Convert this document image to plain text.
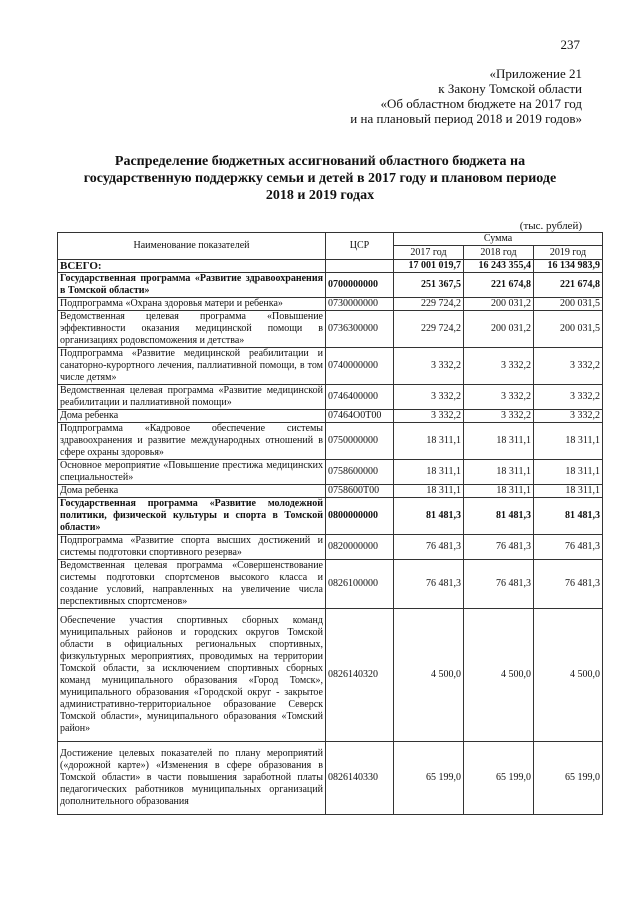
237
«Приложение 21
к Закону Томской области
«Об областном бюджете на 2017 год
и на плановый период 2018 и 2019 годов»
Распределение бюджетных ассигнований областного бюджета на
государственную поддержку семьи и детей в 2017 году и плановом периоде
2018 и 2019 годах
(тыс. рублей)
Наименование показателей	ЦСР	Сумма		
		2017 год	2018 год	2019 год
ВСЕГО:		17 001 019,7	16 243 355,4	16 134 983,9
Государственная программа «Развитие здравоохранения в Томской области»	0700000000	251 367,5	221 674,8	221 674,8
Подпрограмма «Охрана здоровья матери и ребенка»	0730000000	229 724,2	200 031,2	200 031,5
Ведомственная целевая программа «Повышение эффективности оказания медицинской помощи в организациях родовспоможения и детства»	0736300000	229 724,2	200 031,2	200 031,5
Подпрограмма «Развитие медицинской реабилитации и санаторно-курортного лечения, паллиативной помощи, в том числе детям»	0740000000	3 332,2	3 332,2	3 332,2
Ведомственная целевая программа «Развитие медицинской реабилитации и паллиативной помощи»	0746400000	3 332,2	3 332,2	3 332,2
Дома ребенка	07464О0Т00	3 332,2	3 332,2	3 332,2
Подпрограмма «Кадровое обеспечение системы здравоохранения и развитие международных отношений в сфере охраны здоровья»	0750000000	18 311,1	18 311,1	18 311,1
Основное мероприятие «Повышение престижа медицинских специальностей»	0758600000	18 311,1	18 311,1	18 311,1
Дома ребенка	0758600Т00	18 311,1	18 311,1	18 311,1
Государственная программа «Развитие молодежной политики, физической культуры и спорта в Томской области»	0800000000	81 481,3	81 481,3	81 481,3
Подпрограмма «Развитие спорта высших достижений и системы подготовки спортивного резерва»	0820000000	76 481,3	76 481,3	76 481,3
Ведомственная целевая программа «Совершенствование системы подготовки спортсменов высокого класса и создание условий, направленных на увеличение числа перспективных спортсменов»	0826100000	76 481,3	76 481,3	76 481,3
Обеспечение участия спортивных сборных команд муниципальных районов и городских округов Томской области в официальных региональных спортивных, физкультурных мероприятиях, проводимых на территории Томской области, за исключением спортивных сборных команд муниципального образования «Город Томск», муниципального образования «Городской округ - закрытое административно-территориальное образование Северск Томской области», муниципального образования «Томский район»	0826140320	4 500,0	4 500,0	4 500,0
Достижение целевых показателей по плану мероприятий («дорожной карте») «Изменения в сфере образования в Томской области» в части повышения заработной платы педагогических работников муниципальных организаций дополнительного образования	0826140330	65 199,0	65 199,0	65 199,0
